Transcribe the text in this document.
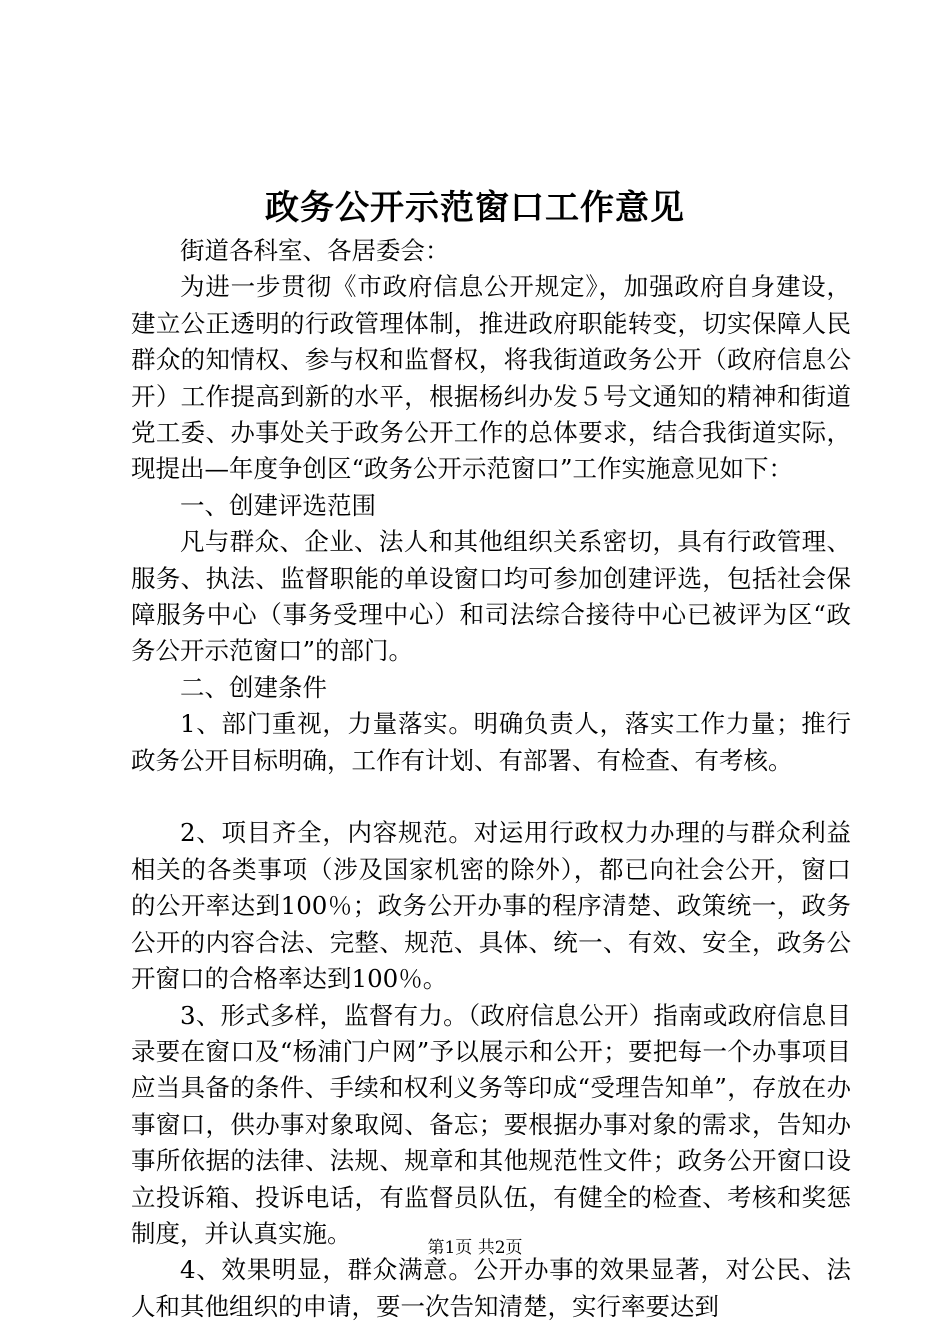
政务公开示范窗口工作意见

街道各科室、各居委会：

为进一步贯彻《市政府信息公开规定》，加强政府自身建设，建立公正透明的行政管理体制，推进政府职能转变，切实保障人民群众的知情权、参与权和监督权，将我街道政务公开（政府信息公开）工作提高到新的水平，根据杨纠办发５号文通知的精神和街道党工委、办事处关于政务公开工作的总体要求，结合我街道实际，现提出—年度争创区“政务公开示范窗口”工作实施意见如下：

一、创建评选范围

凡与群众、企业、法人和其他组织关系密切，具有行政管理、服务、执法、监督职能的单设窗口均可参加创建评选，包括社会保障服务中心（事务受理中心）和司法综合接待中心已被评为区“政务公开示范窗口”的部门。

二、创建条件

1、部门重视，力量落实。明确负责人，落实工作力量；推行政务公开目标明确，工作有计划、有部署、有检查、有考核。

2、项目齐全，内容规范。对运用行政权力办理的与群众利益相关的各类事项（涉及国家机密的除外），都已向社会公开，窗口的公开率达到100％；政务公开办事的程序清楚、政策统一，政务公开的内容合法、完整、规范、具体、统一、有效、安全，政务公开窗口的合格率达到100％。

3、形式多样，监督有力。（政府信息公开）指南或政府信息目录要在窗口及“杨浦门户网”予以展示和公开；要把每一个办事项目应当具备的条件、手续和权利义务等印成“受理告知单”，存放在办事窗口，供办事对象取阅、备忘；要根据办事对象的需求，告知办事所依据的法律、法规、规章和其他规范性文件；政务公开窗口设立投诉箱、投诉电话，有监督员队伍，有健全的检查、考核和奖惩制度，并认真实施。

4、效果明显，群众满意。公开办事的效果显著，对公民、法人和其他组织的申请，要一次告知清楚，实行率要达到

第1页 共2页
